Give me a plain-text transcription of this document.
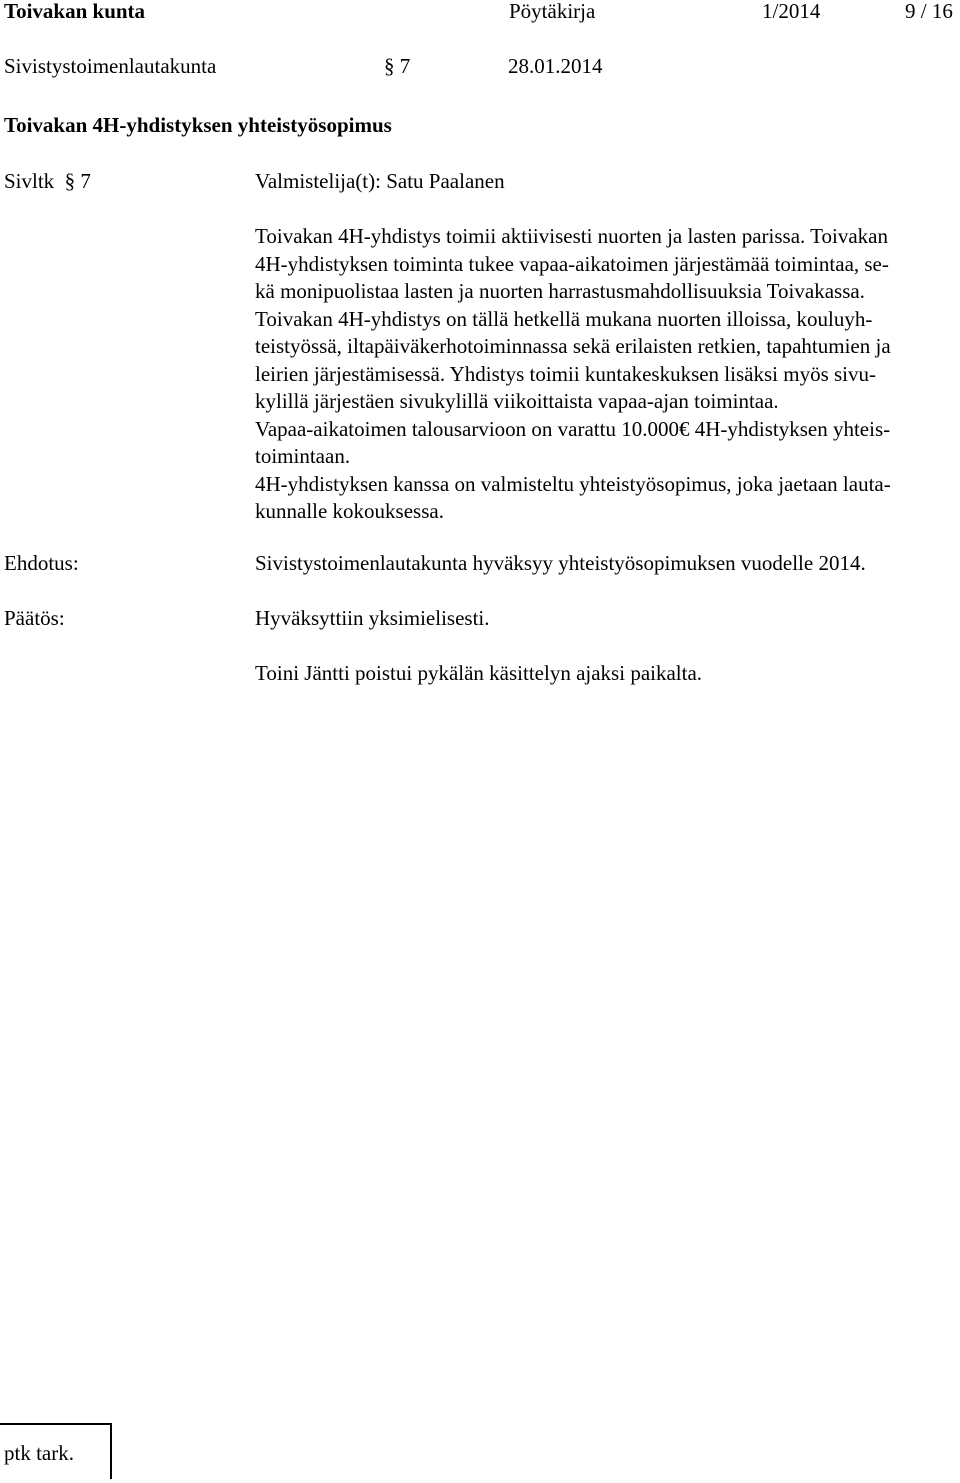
Toivakan kunta	Pöytäkirja	1/2014	9 / 16
Sivistystoimenlautakunta	§ 7	28.01.2014
Toivakan 4H-yhdistyksen yhteistyösopimus
Sivltk  § 7	Valmistelija(t): Satu Paalanen
Toivakan 4H-yhdistys toimii aktiivisesti nuorten ja lasten parissa. Toivakan
4H-yhdistyksen toiminta tukee vapaa-aikatoimen järjestämää toimintaa, se-
kä monipuolistaa lasten ja nuorten harrastusmahdollisuuksia Toivakassa.
Toivakan 4H-yhdistys on tällä hetkellä mukana nuorten illoissa, kouluyh-
teistyössä, iltapäiväkerhotoiminnassa sekä erilaisten retkien, tapahtumien ja
leirien järjestämisessä. Yhdistys toimii kuntakeskuksen lisäksi myös sivu-
kylillä järjestäen sivukylillä viikoittaista vapaa-ajan toimintaa.
Vapaa-aikatoimen talousarvioon on varattu 10.000€ 4H-yhdistyksen yhteis-
toimintaan.
4H-yhdistyksen kanssa on valmisteltu yhteistyösopimus, joka jaetaan lauta-
kunnalle kokouksessa.
Ehdotus:	Sivistystoimenlautakunta hyväksyy yhteistyösopimuksen vuodelle 2014.
Päätös:	Hyväksyttiin yksimielisesti.
Toini Jäntti poistui pykälän käsittelyn ajaksi paikalta.
ptk tark.
